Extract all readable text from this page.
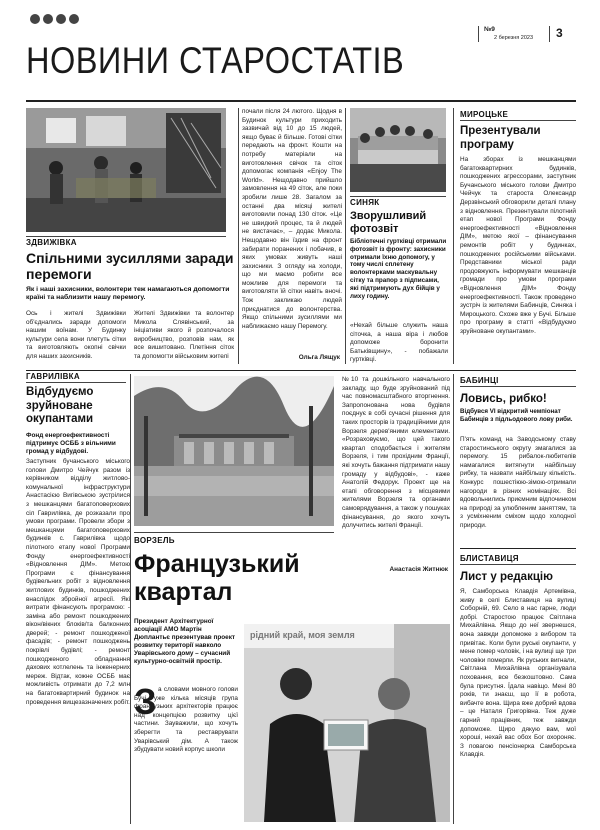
НОВИНИ СТАРОСТАТІВ
№9
2 березня 2023 3
ЗДВИЖІВКА
Спільними зусиллями заради перемоги
Як і наші захисники, волонтери теж намагаються допомогти країні та наблизити нашу перемогу.
Ось і жителі Здвижівки об'єднались заради допомоги нашим воїнам. У Будинку культури села вони плетуть сітки та виготовляють окопні свічки для наших захисників.
Жителі Здвижівки та волонтер Микола Слявінський, за ініціативи якого й розпочалося виробництво, розповів нам, як все вишитовано. Плетіння сіток та допомогти військовим жителі
почали після 24 лютого. Щодня в Будинок культури приходить зазвичай від 10 до 15 людей, якщо буває й більше. Готові сітки передають на фронт. Кошти на потребу матеріали на виготовлення свічок та сіток допомогає компанія «Enjoy The World». Нещодавно прийшло замовлення на 49 сіток, але поки зробили лише 28. Загалом за останні два місяці жителі виготовили понад 130 сіток. «Це не швидкий процес, та й людей не вистачає», – додає Микола. Нещодавно він їздив на фронт забирати поранених і побачив, в яких умовах живуть наші захисники. З огляду на холоди, що ми маємо робити все можливе для перемоги та виготовляти їй сітки навіть вночі. Тож закликаю людей приєднатися до волонтерства. Якщо спільними зусиллями ми наближаємо нашу Перемогу.
Ольга Лящук
СИНЯК
Зворушливий фотозвіт
Бібліотечні гуртківці отримали фотозвіт із фронту: захисники отримали їхню допомогу, у тому числі сплетену волонтерками маскувальну сітку та прапор з підписами, які підтримують дух бійців у лиху годину.
«Нехай більше служить наша сіточка, а наша віра і любов допоможе боронити Батьківщину», - побажали гуртківці.
МИРОЦЬКЕ
Презентували програму
На зборах із мешканцями багатоквартирних будинків, пошкоджених агрессорами, заступник Бучанського міського голови Дмитро Чейчук та староста Олександр Дерзвінський обговорили деталі плану з відновлення. Презентували пілотний етап нової Програми Фонду енергоефективності «Відновлення ДІМ», метою якої – фінансування ремонтів робіт у будинках, пошкоджених російськими військами. Представники міської ради продовжують інформувати мешканців громади про умови програми «Відновлення ДІМ» Фонду енергоефективності. Також проведено зустріч із жителями Бабинців, Синяка і Мироцького. Схоже вже у Бучі. Більше про програму в статті «Відбудуємо зруйноване окупантами».
ГАВРИЛІВКА
Відбудуємо зруйноване окупантами
Фонд енергоефективності підтримує ОСББ з вільними громад у відбудові.
Заступник бучанського міського голови Дмитро Чейчук разом із керівником відділу житлово-комунальної інфраструктури Анастасією Вигівською зустрілися з мешканцями багатоповерхових сіл Гаврилівка, де розказали про умови програми. Провели збори з мешканцями багатоповерхових будинків с. Гаврилівка щодо пілотного етапу нової Програми Фонду енергоефективності «Відновлення ДІМ». Метою Програми є фінансування будівельних робіт з відновлення житлових будинків, пошкоджених внаслідок збройної агресії. Які витрати фінансують програмою: - заміна або ремонт пошкоджених вікон/вікних блоків/та балконних дверей; - ремонт пошкодженої фасадів; - ремонт пошкоджень покрівлі будівлі; - ремонт пошкодженого обладнання дахових котлелень та інженерних мереж. Відтак, кожне ОСББ має можливість отримати до 7,2 млн на багатоквартирний будинок на проведення вищезазначених робіт.
ВОРЗЕЛЬ
Французький квартал
Президент Архітектурної асоціації АМО Мартін Дюплантьє презентував проект розвитку території навколо Уварівського дому – сучасний культурно-освітній простір.
З а словами мовного голови Бучі, уже кілька місяців група французьких архітекторів працює над концепцією розвитку цієї частини. Зауважили, що хочуть зберегти та реставрувати Уварівський дім. А також збудувати новий корпус школи
№10 та дошкільного навчального закладу, що буде зруйнований під час повномасштабного вторгнення. Запропонована нова будівля поєднує в собі сучасні рішення для таких просторів із традиційними для Ворзеля дерев'яними елементами. «Розраховуємо, що цей такого квартал сподобається і жителям Ворзеля, і тим прохідним Франції, які хочуть бажання підтримати нашу громаду у відбудові», - каже Анатолій Федорук. Проект ще на етапі обговорення з місцевими жителями Ворзеля та органами самоврядування, а також у пошуках фінансування, до якого хочуть долучитись жителі Франції.
Анастасія Житнюк
рідний край, моя земля
БАБИНЦІ
Ловись, рибко!
Відбувся VI відкритий чемпіонат Бабинців з підльодового лову риби.
П'ять команд на Заводському ставу старостинського округу змагалися за перемогу. 15 рибалок-любителів намагалися витягнути найбільшу рибку, та назвати найбільшу кількість. Конкурс пошестіюю-зімою-отримали нагороди в різних номінаціях. Всі вдовольнились приємним відпочинком на природі за улюбленим заняттям, та з усміхненим сміхом щодо холодної природи.
БЛИСТАВИЦЯ
Лист у редакцію
Я, Самборська Клавдія Артемівна, живу в селі Блиставиця на вулиці Соборній, 69. Село в нас гарне, люди добрі. Старостою працює Світлана Михайлівна. Якщо до неї звернешся, вона завжди допоможе з вибором та привітає. Коли були руські окупанти, у мене помер чоловік, і на вулиці ще три чоловіки померли. Як руських вигнали, Світлана Михайлівна організувала поховання, все безкоштовно. Сама була присутня. Їдала навіщо. Мені 80 років, ти знаєш, що її в робота, вибачте вона. Щира вже добрий вдова – це Наталя Григорівна. Теж дуже гарний працівник, теж завжди допоможе. Щиро дякую вам, мої хороші, нехай вас обох Бог охороняє. З повагою пенсіонерка Самборська Клавдія.
